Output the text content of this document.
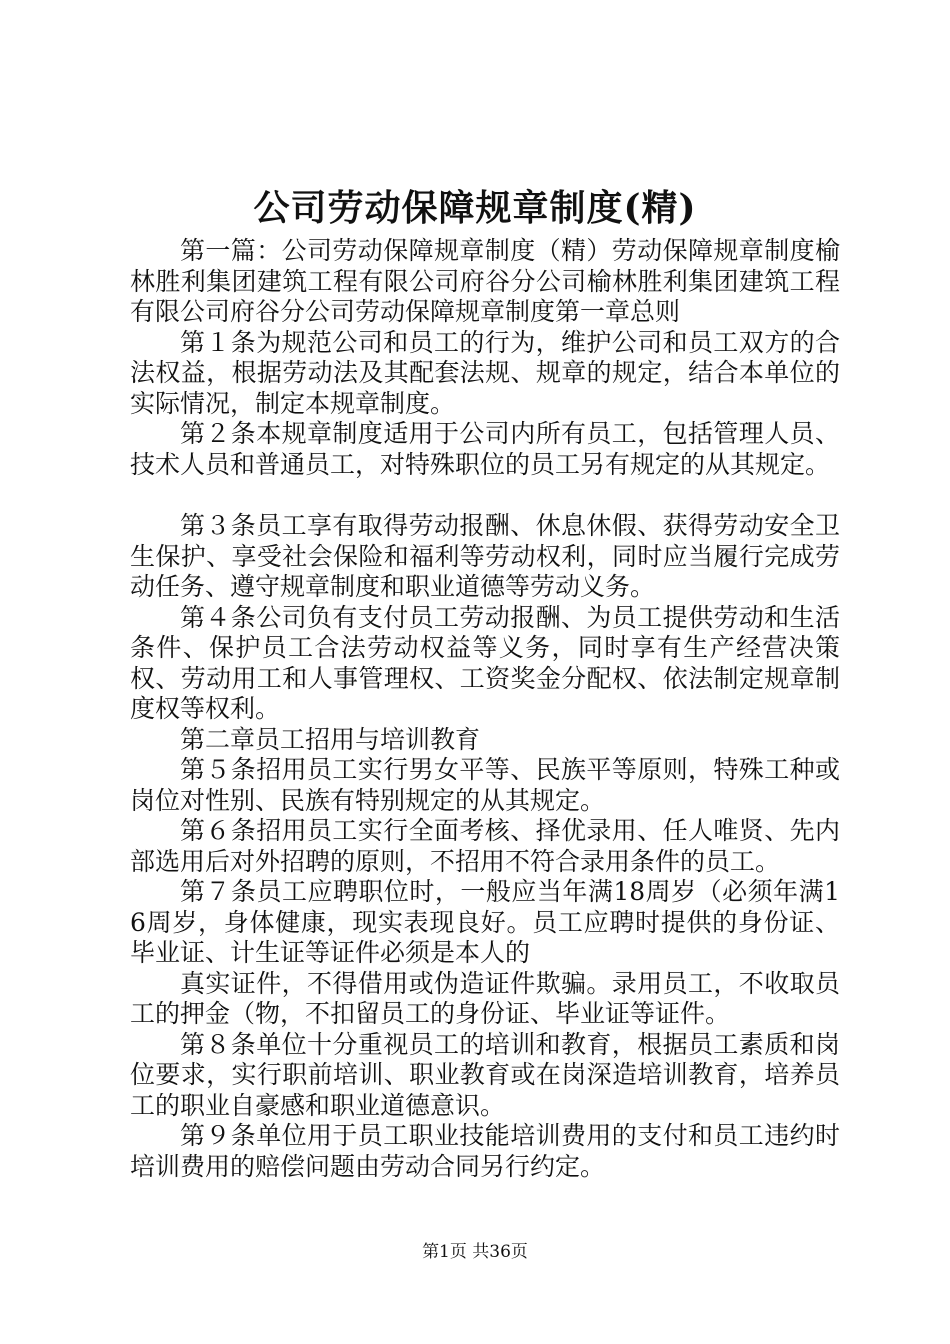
公司劳动保障规章制度(精)

第一篇：公司劳动保障规章制度（精）劳动保障规章制度榆林胜利集团建筑工程有限公司府谷分公司榆林胜利集团建筑工程有限公司府谷分公司劳动保障规章制度第一章总则

第１条为规范公司和员工的行为，维护公司和员工双方的合法权益，根据劳动法及其配套法规、规章的规定，结合本单位的实际情况，制定本规章制度。

第２条本规章制度适用于公司内所有员工，包括管理人员、技术人员和普通员工，对特殊职位的员工另有规定的从其规定。

第３条员工享有取得劳动报酬、休息休假、获得劳动安全卫生保护、享受社会保险和福利等劳动权利，同时应当履行完成劳动任务、遵守规章制度和职业道德等劳动义务。

第４条公司负有支付员工劳动报酬、为员工提供劳动和生活条件、保护员工合法劳动权益等义务，同时享有生产经营决策权、劳动用工和人事管理权、工资奖金分配权、依法制定规章制度权等权利。

第二章员工招用与培训教育

第５条招用员工实行男女平等、民族平等原则，特殊工种或岗位对性别、民族有特别规定的从其规定。

第６条招用员工实行全面考核、择优录用、任人唯贤、先内部选用后对外招聘的原则，不招用不符合录用条件的员工。

第７条员工应聘职位时，一般应当年满18周岁（必须年满16周岁，身体健康，现实表现良好。员工应聘时提供的身份证、毕业证、计生证等证件必须是本人的

真实证件，不得借用或伪造证件欺骗。录用员工，不收取员工的押金（物，不扣留员工的身份证、毕业证等证件。

第８条单位十分重视员工的培训和教育，根据员工素质和岗位要求，实行职前培训、职业教育或在岗深造培训教育，培养员工的职业自豪感和职业道德意识。

第９条单位用于员工职业技能培训费用的支付和员工违约时培训费用的赔偿问题由劳动合同另行约定。

第1页 共36页
